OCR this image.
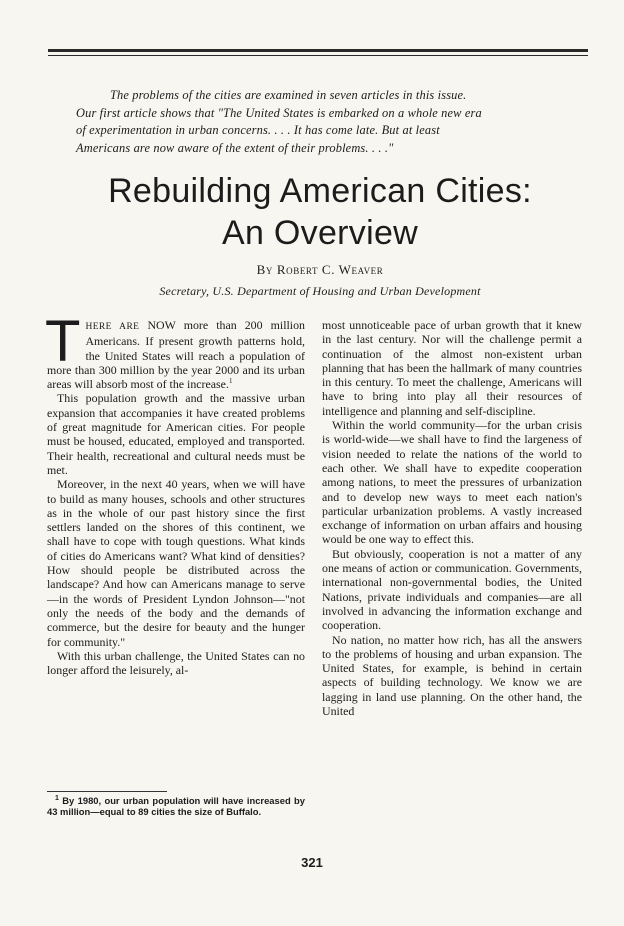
The problems of the cities are examined in seven articles in this issue.

Our first article shows that "The United States is embarked on a whole new era

of experimentation in urban concerns. . . . It has come late. But at least

Americans are now aware of the extent of their problems. . . ."

Rebuilding American Cities:
An Overview
By Robert C. Weaver
Secretary, U.S. Department of Housing and Urban Development

THERE ARE NOW more than 200 million Americans. If present growth patterns hold, the United States will reach a population of more than 300 million by the year 2000 and its urban areas will absorb most of the increase.$^1$

This population growth and the massive urban expansion that accompanies it have created problems of great magnitude for American cities. For people must be housed, educated, employed and transported. Their health, recreational and cultural needs must be met.

Moreover, in the next 40 years, when we will have to build as many houses, schools and other structures as in the whole of our past history since the first settlers landed on the shores of this continent, we shall have to cope with tough questions. What kinds of cities do Americans want? What kind of densities? How should people be distributed across the landscape? And how can Americans manage to serve—in the words of President Lyndon Johnson—"not only the needs of the body and the demands of commerce, but the desire for beauty and the hunger for community."

With this urban challenge, the United States can no longer afford the leisurely, al-

most unnoticeable pace of urban growth that it knew in the last century. Nor will the challenge permit a continuation of the almost non-existent urban planning that has been the hallmark of many countries in this century. To meet the challenge, Americans will have to bring into play all their resources of intelligence and planning and self-discipline.

Within the world community—for the urban crisis is world-wide—we shall have to find the largeness of vision needed to relate the nations of the world to each other. We shall have to expedite cooperation among nations, to meet the pressures of urbanization and to develop new ways to meet each nation's particular urbanization problems. A vastly increased exchange of information on urban affairs and housing would be one way to effect this.

But obviously, cooperation is not a matter of any one means of action or communication. Governments, international non-governmental bodies, the United Nations, private individuals and companies—are all involved in advancing the information exchange and cooperation.

No nation, no matter how rich, has all the answers to the problems of housing and urban expansion. The United States, for example, is behind in certain aspects of building technology. We know we are lagging in land use planning. On the other hand, the United

$^1$ By 1980, our urban population will have increased by 43 million—equal to 89 cities the size of Buffalo.

321
